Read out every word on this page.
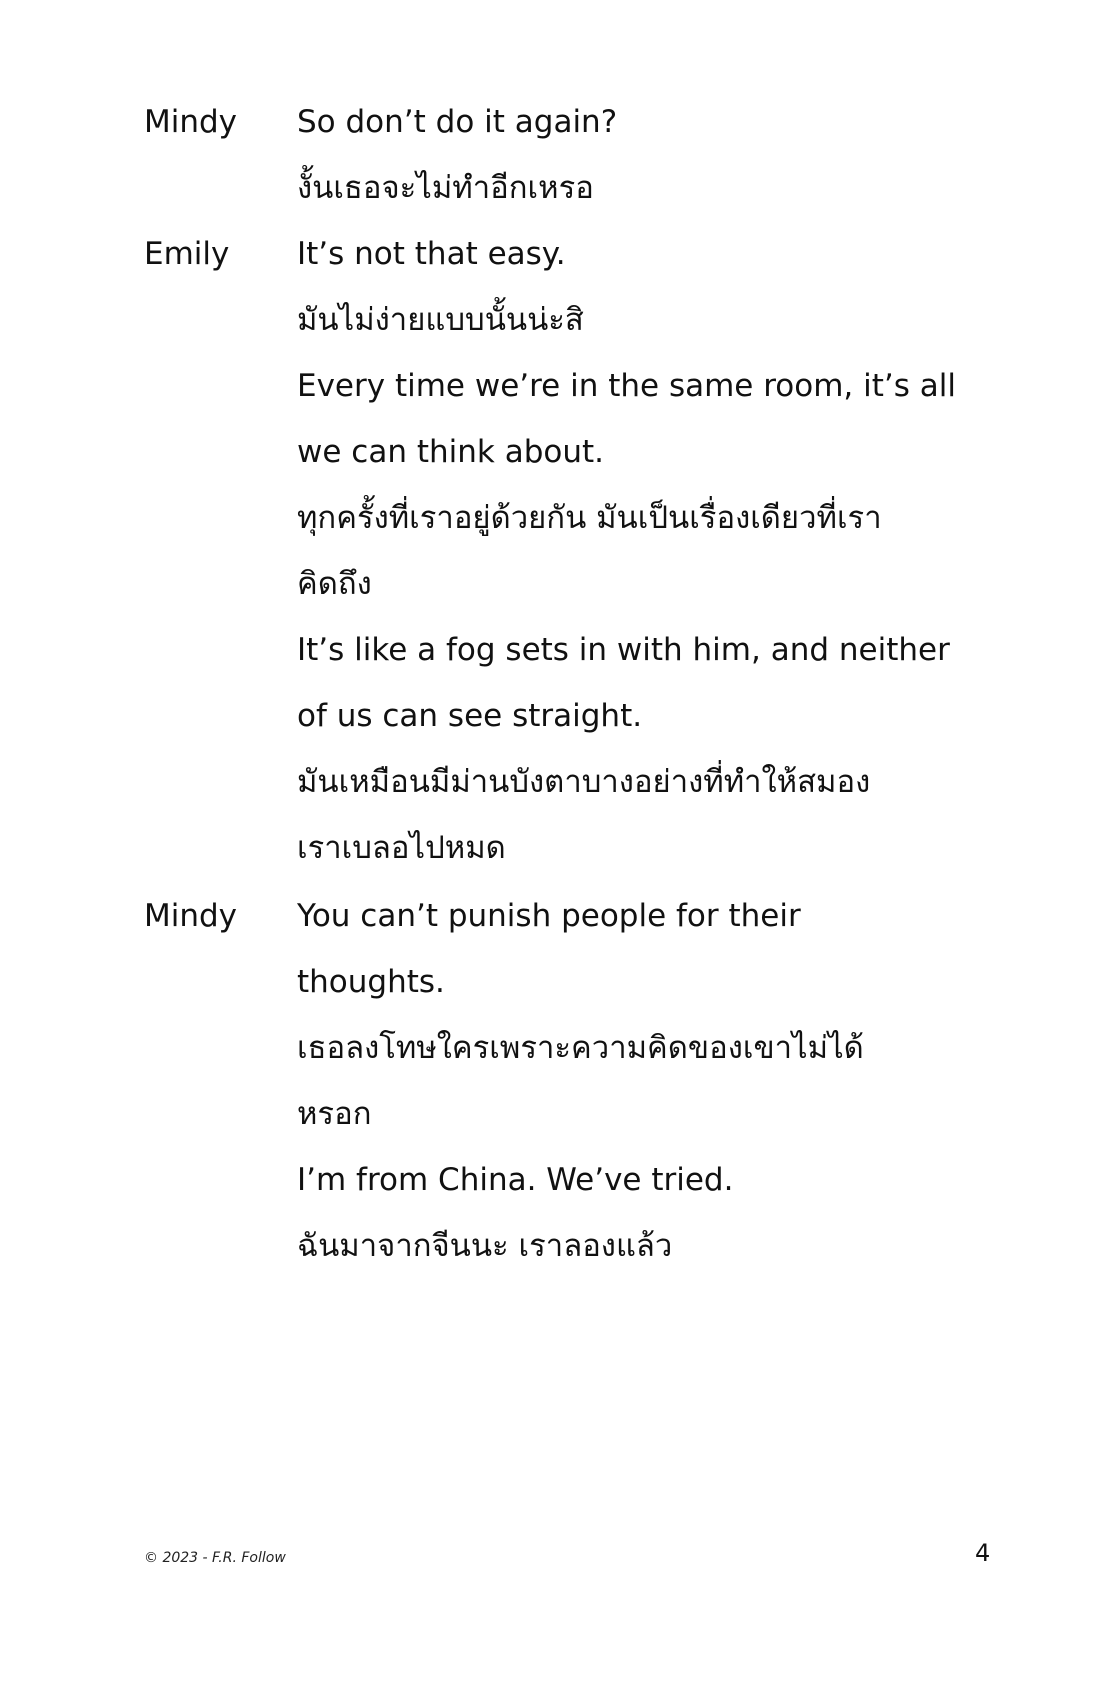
Mindy So don’t do it again?
งั้นเธอจะไม่ทำอีกเหรอ
Emily It’s not that easy.
มันไม่ง่ายแบบนั้นน่ะสิ
Every time we’re in the same room, it’s all
we can think about.
ทุกครั้งที่เราอยู่ด้วยกัน มันเป็นเรื่องเดียวที่เรา
คิดถึง
It’s like a fog sets in with him, and neither
of us can see straight.
มันเหมือนมีม่านบังตาบางอย่างที่ทำให้สมอง
เราเบลอไปหมด
Mindy You can’t punish people for their
thoughts.
เธอลงโทษใครเพราะความคิดของเขาไม่ได้
หรอก
I’m from China. We’ve tried.
ฉันมาจากจีนนะ เราลองแล้ว
© 2023 - F.R. Follow	4
